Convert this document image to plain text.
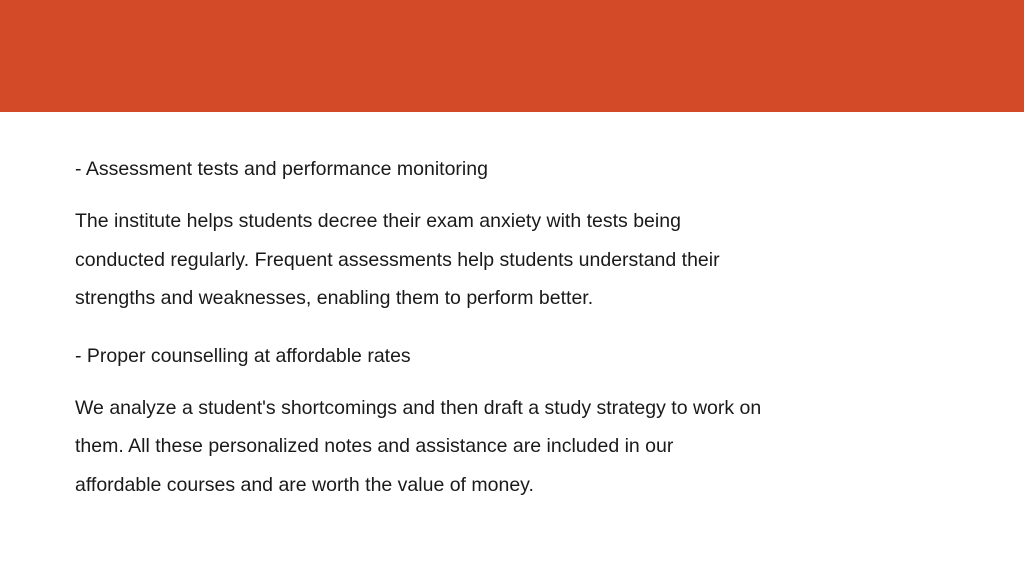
- Assessment tests and performance monitoring

The institute helps students decree their exam anxiety with tests being
conducted regularly. Frequent assessments help students understand their
strengths and weaknesses, enabling them to perform better.

- Proper counselling at affordable rates

We analyze a student's shortcomings and then draft a study strategy to work on
them. All these personalized notes and assistance are included in our
affordable courses and are worth the value of money.
